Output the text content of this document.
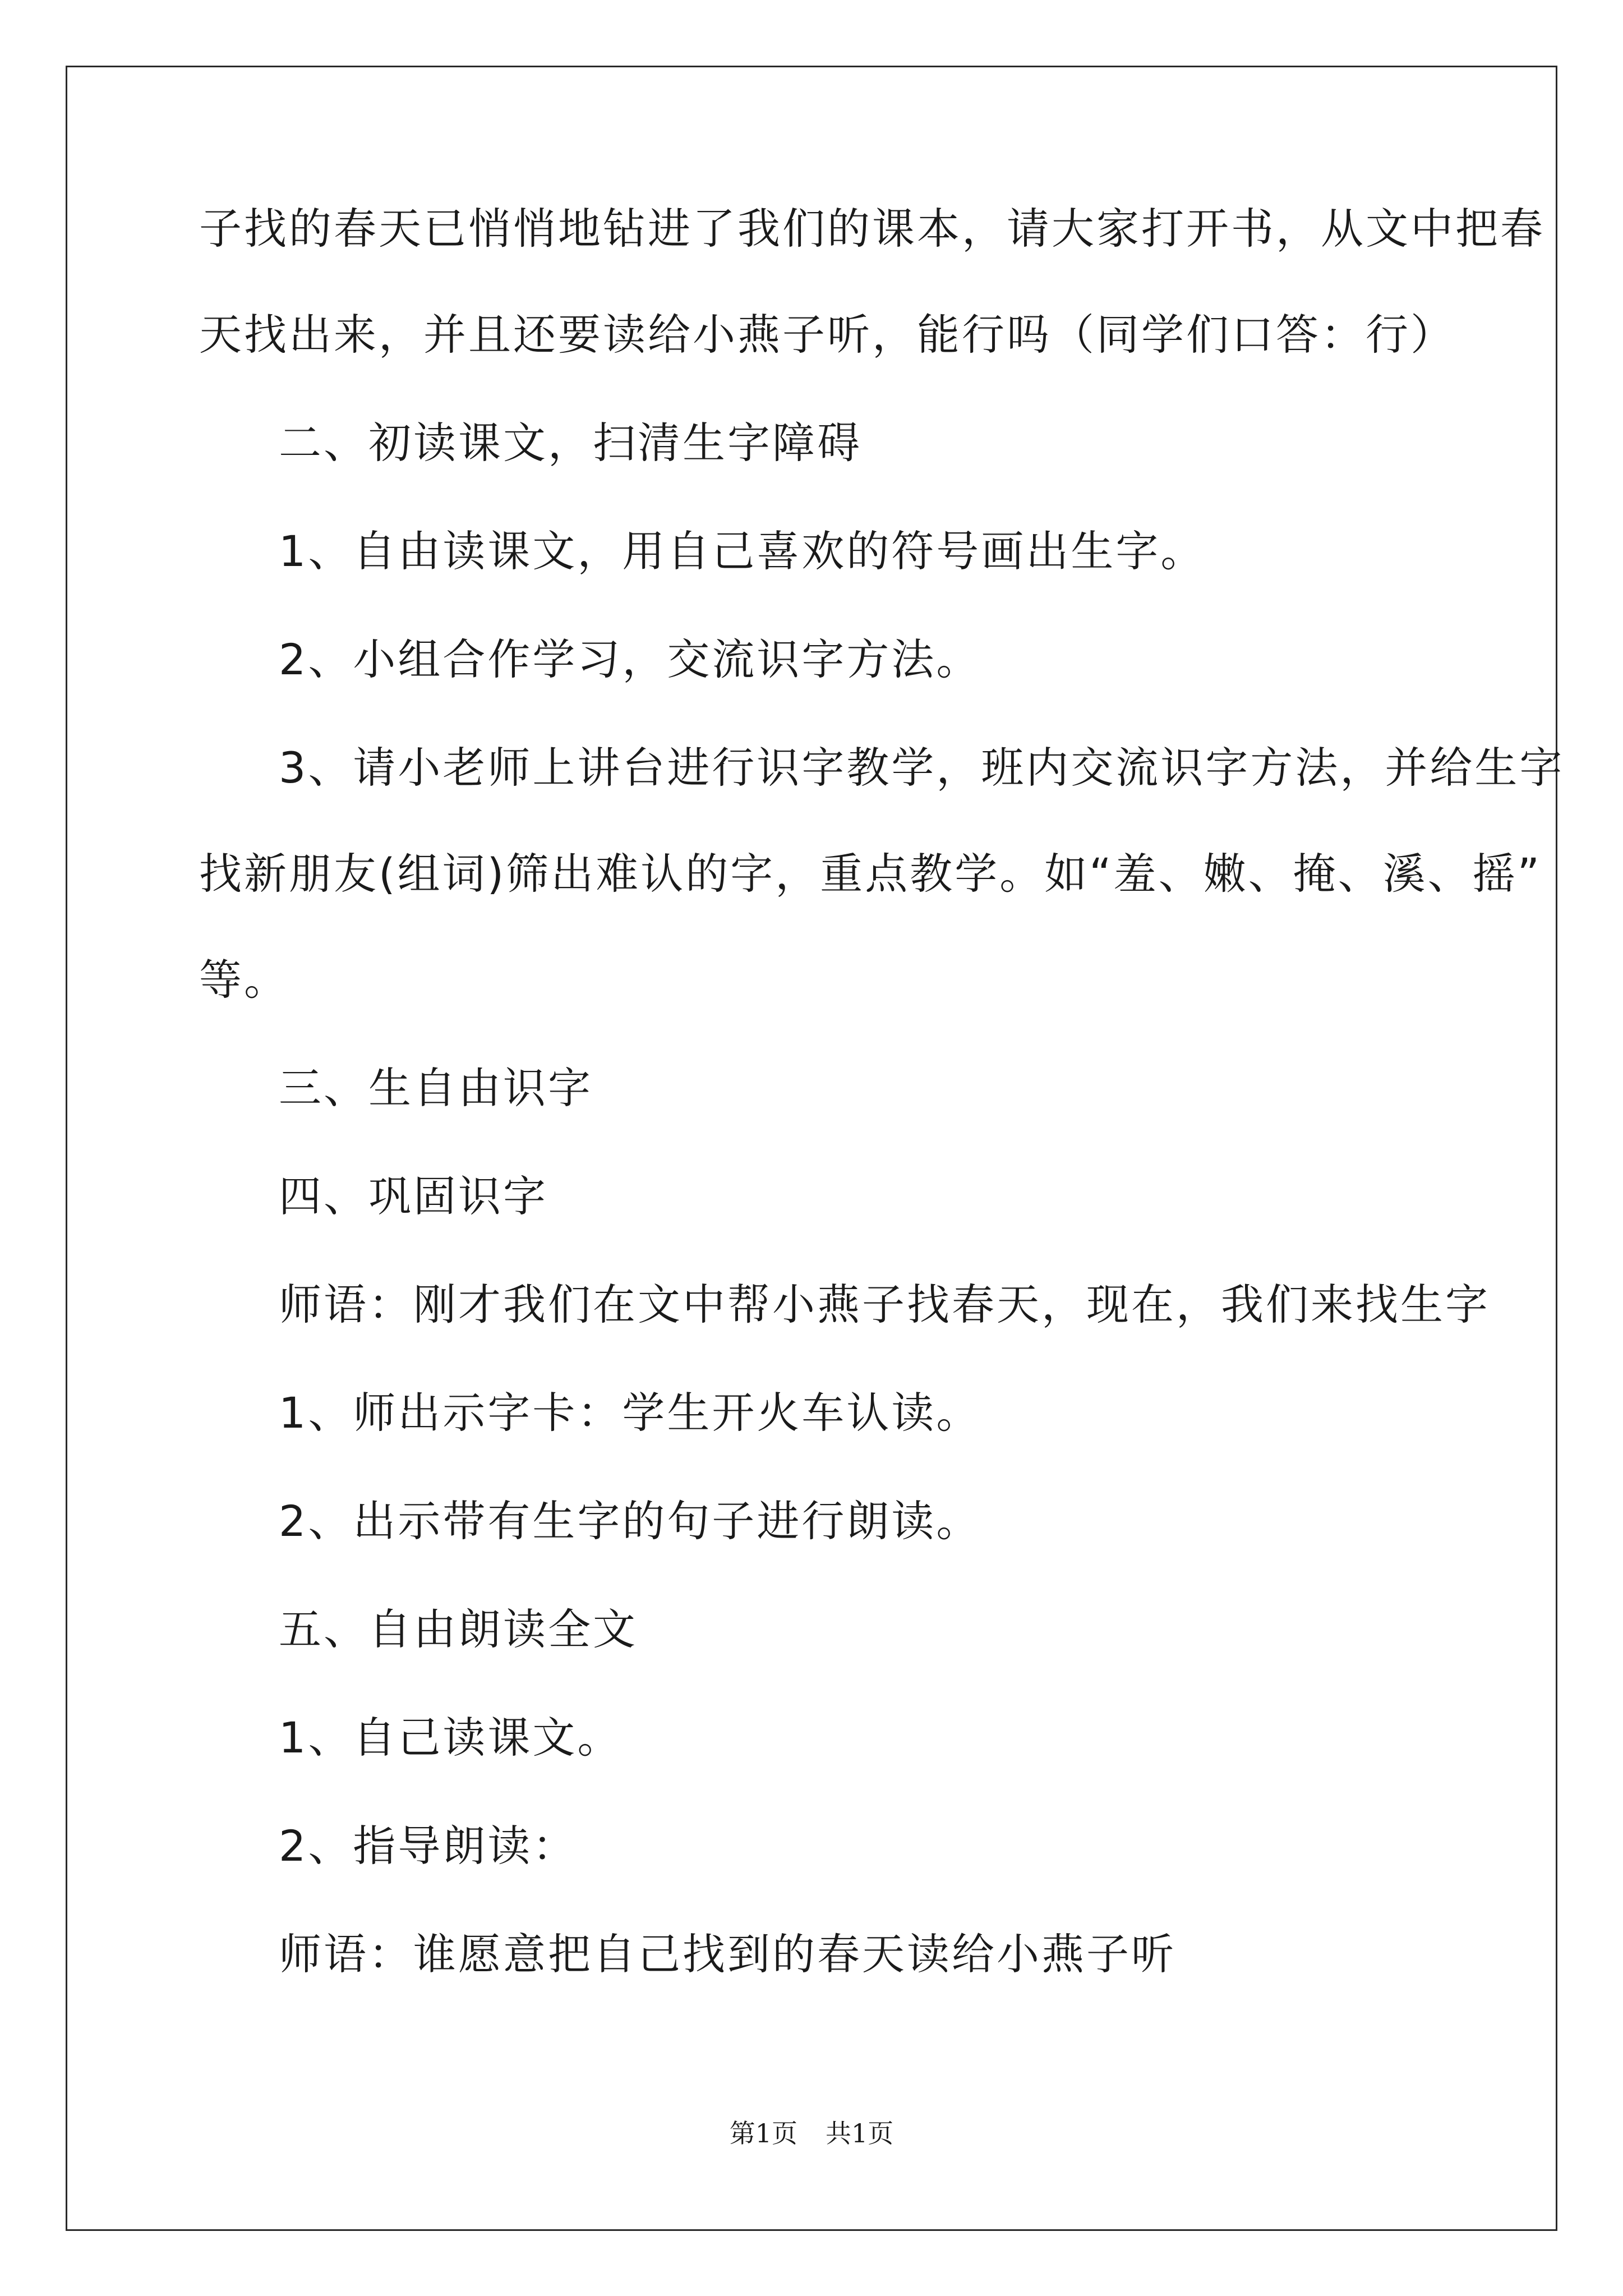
子找的春天已悄悄地钻进了我们的课本，请大家打开书，从文中把春

天找出来，并且还要读给小燕子听，能行吗（同学们口答：行）

二、初读课文，扫清生字障碍

1、自由读课文，用自己喜欢的符号画出生字。

2、小组合作学习，交流识字方法。

3、请小老师上讲台进行识字教学，班内交流识字方法，并给生字

找新朋友(组词)筛出难认的字，重点教学。如“羞、嫩、掩、溪、摇”

等。

三、生自由识字

四、巩固识字

师语：刚才我们在文中帮小燕子找春天，现在，我们来找生字

1、师出示字卡：学生开火车认读。

2、出示带有生字的句子进行朗读。

五、自由朗读全文

1、自己读课文。

2、指导朗读：

师语：谁愿意把自己找到的春天读给小燕子听

第1页 共1页
